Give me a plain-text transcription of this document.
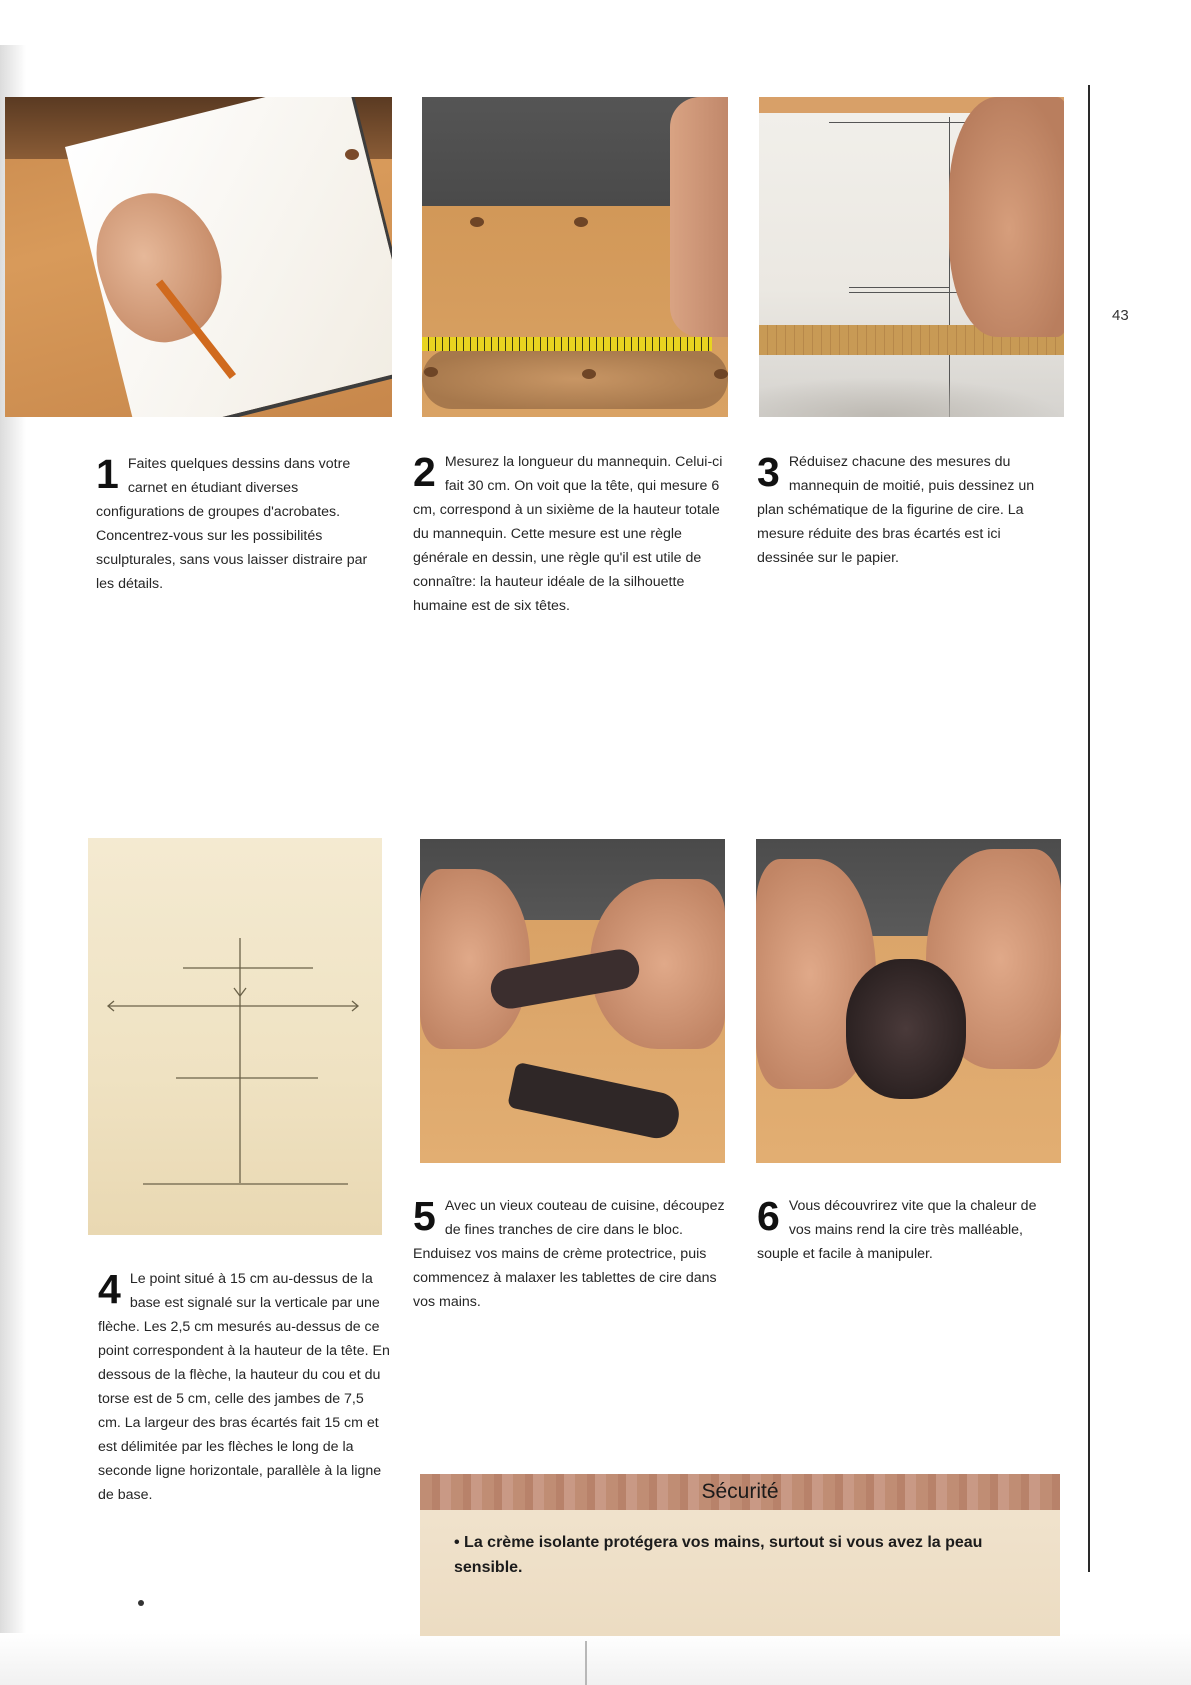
43
1 Faites quelques dessins dans votre carnet en étudiant diverses configurations de groupes d'acrobates. Concentrez-vous sur les possibilités sculpturales, sans vous laisser distraire par les détails.
2 Mesurez la longueur du mannequin. Celui-ci fait 30 cm. On voit que la tête, qui mesure 6 cm, correspond à un sixième de la hauteur totale du mannequin. Cette mesure est une règle générale en dessin, une règle qu'il est utile de connaître: la hauteur idéale de la silhouette humaine est de six têtes.
3 Réduisez chacune des mesures du mannequin de moitié, puis dessinez un plan schématique de la figurine de cire. La mesure réduite des bras écartés est ici dessinée sur le papier.
4 Le point situé à 15 cm au-dessus de la base est signalé sur la verticale par une flèche. Les 2,5 cm mesurés au-dessus de ce point correspondent à la hauteur de la tête. En dessous de la flèche, la hauteur du cou et du torse est de 5 cm, celle des jambes de 7,5 cm. La largeur des bras écartés fait 15 cm et est délimitée par les flèches le long de la seconde ligne horizontale, parallèle à la ligne de base.
5 Avec un vieux couteau de cuisine, découpez de fines tranches de cire dans le bloc. Enduisez vos mains de crème protectrice, puis commencez à malaxer les tablettes de cire dans vos mains.
6 Vous découvrirez vite que la chaleur de vos mains rend la cire très malléable, souple et facile à manipuler.
Sécurité
• La crème isolante protégera vos mains, surtout si vous avez la peau sensible.
